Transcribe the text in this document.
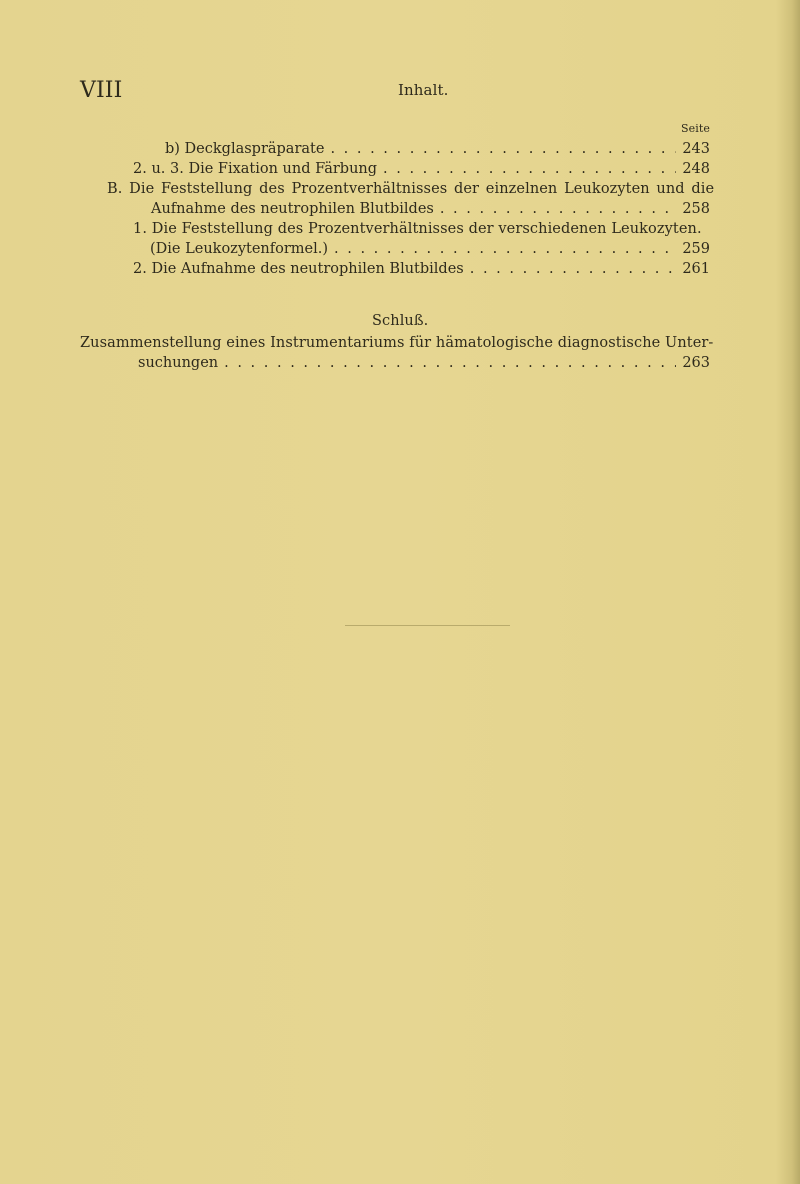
VIII	Inhalt.
Seite
b) Deckglaspräparate . . .	243
2. u. 3. Die Fixation und Färbung . . .	248
B. Die Feststellung des Prozentverhältnisses der einzelnen Leukozyten und die
Aufnahme des neutrophilen Blutbildes . . .	258
1. Die Feststellung des Prozentverhältnisses der verschiedenen Leukozyten.
(Die Leukozytenformel.) . . .	259
2. Die Aufnahme des neutrophilen Blutbildes . . .	261
Schluß.
Zusammenstellung eines Instrumentariums für hämatologische diagnostische Unter-
suchungen . . .	263
